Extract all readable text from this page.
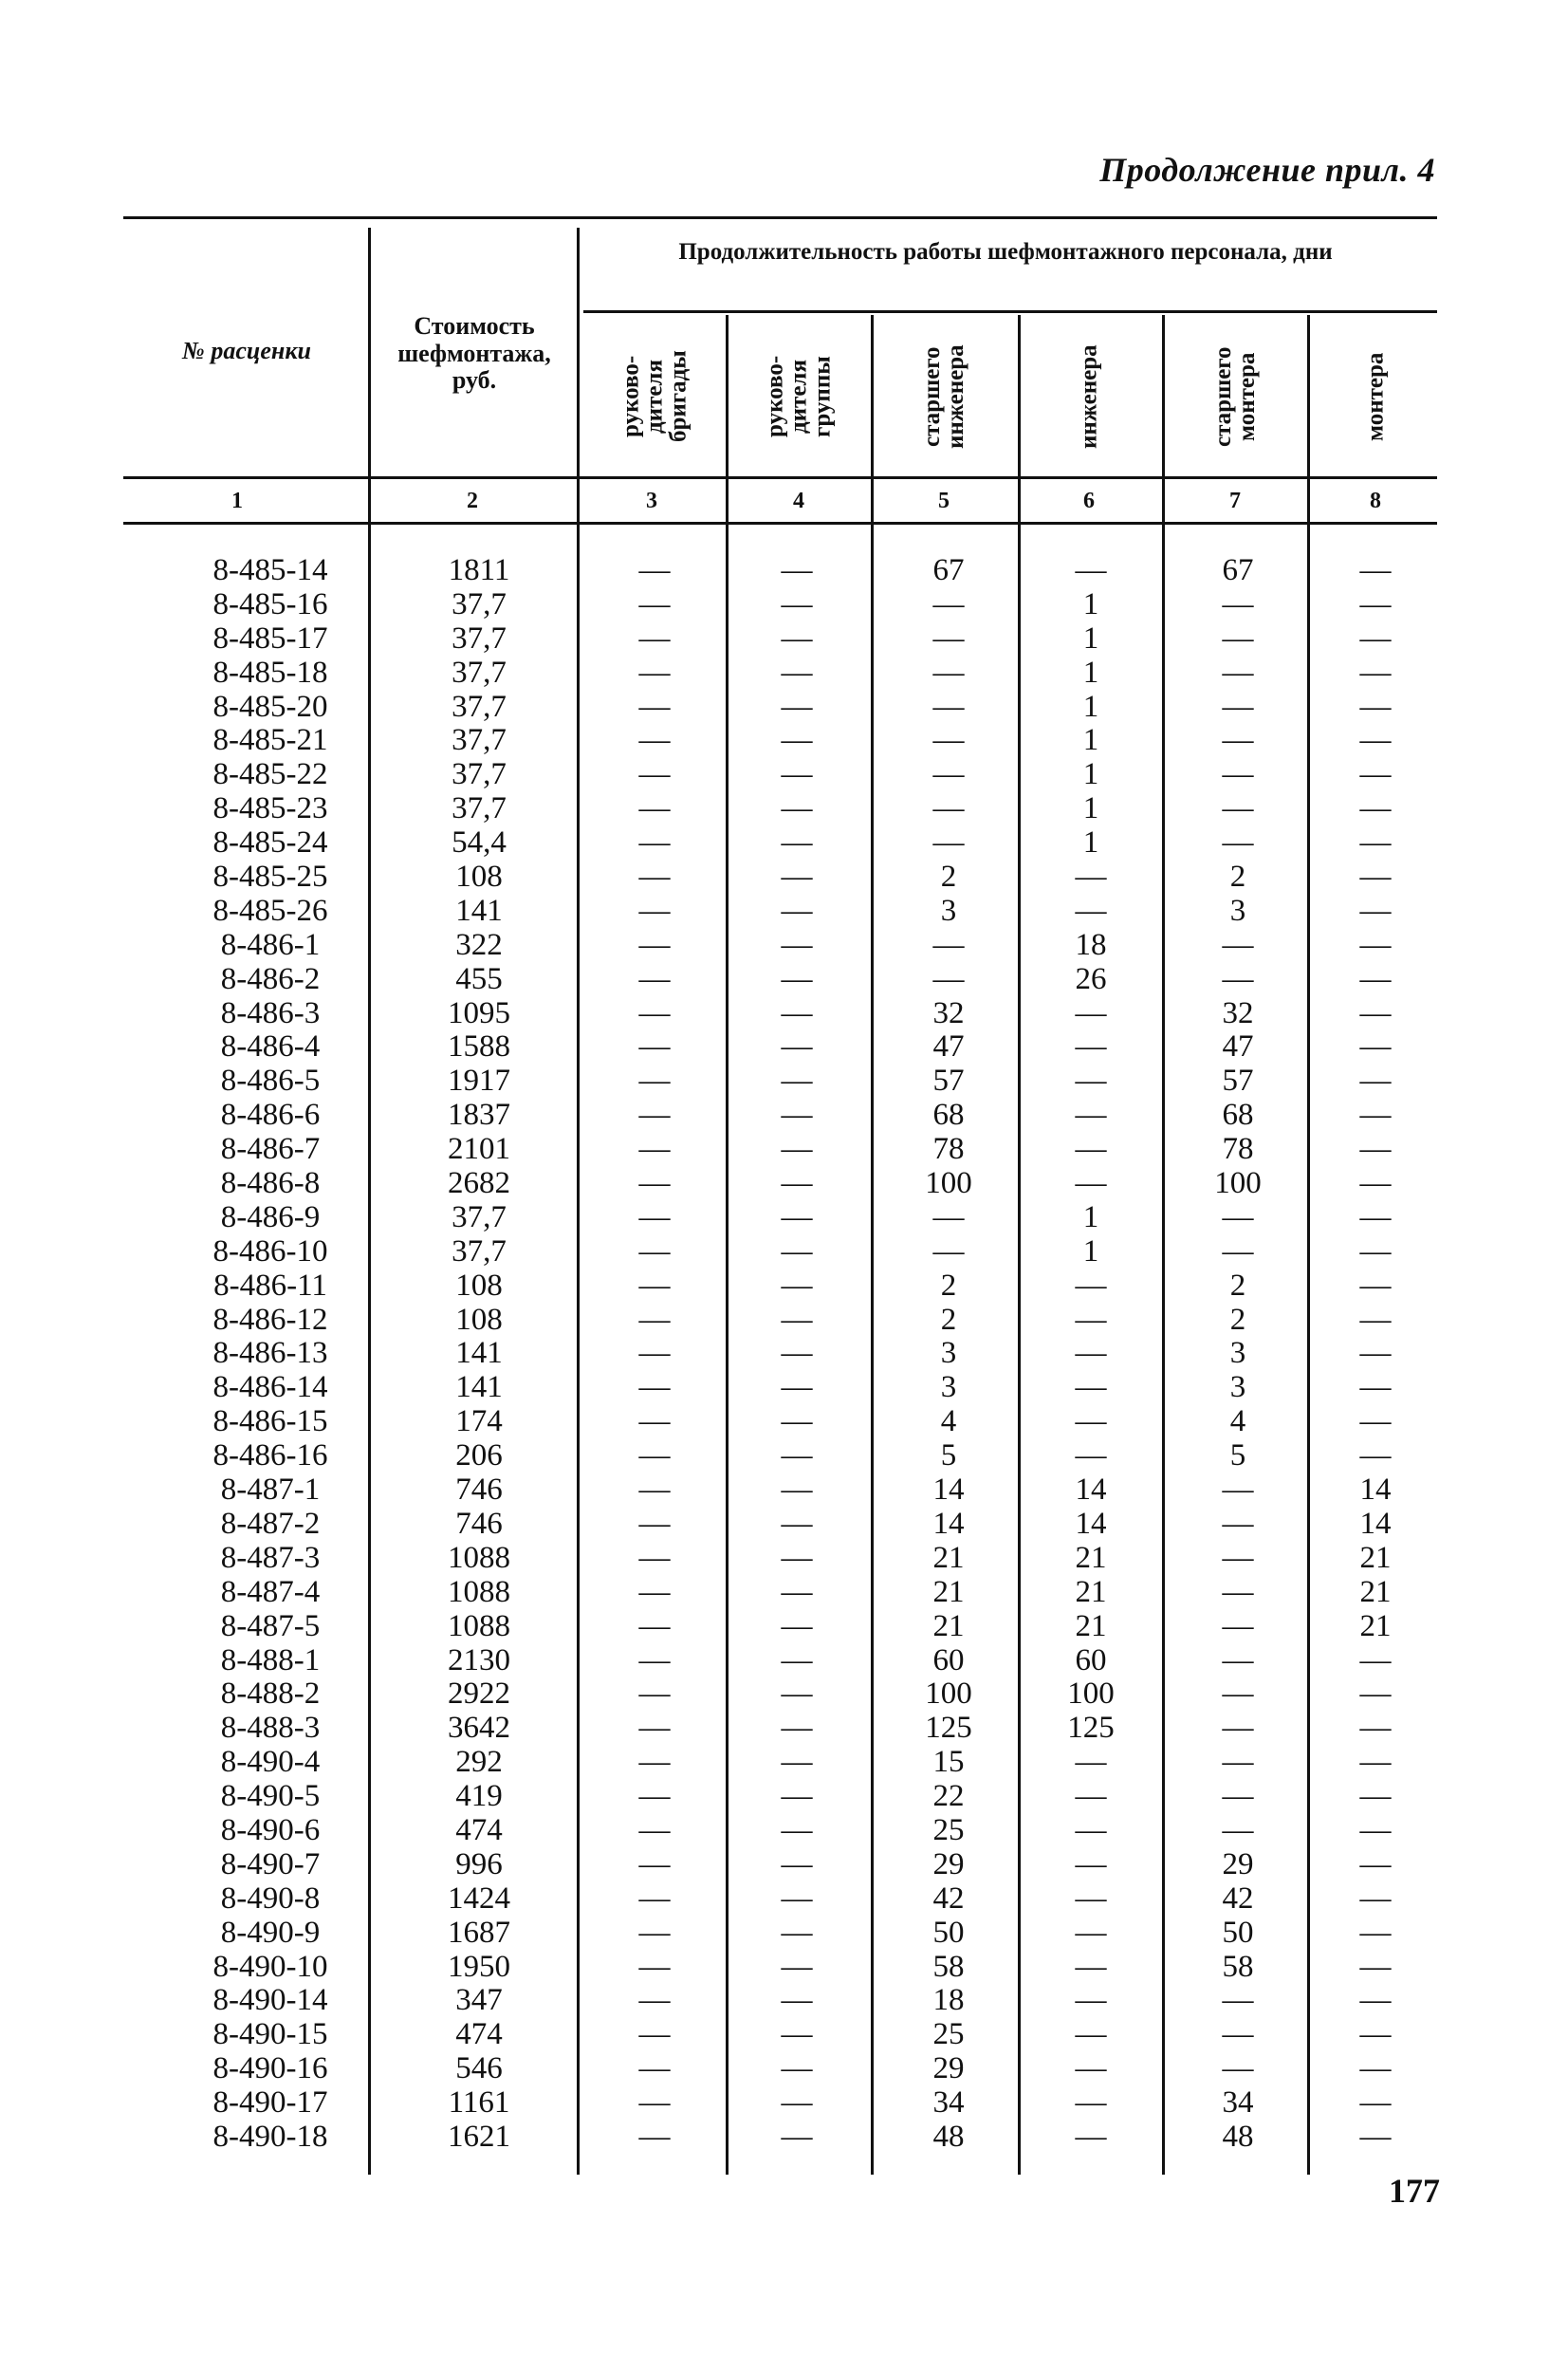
Продолжение прил. 4
№ расценки
Стоимость шефмонтажа, руб.
Продолжительность работы шефмонтажного персонала, дни
руково-дителя бригады	руково-дителя группы	старшего инженера	инженера	старшего монтера	монтера
1	2	3	4	5	6	7	8
8-485-14	1811	—	—	67	—	67	—
8-485-16	37,7	—	—	—	1	—	—
8-485-17	37,7	—	—	—	1	—	—
8-485-18	37,7	—	—	—	1	—	—
8-485-20	37,7	—	—	—	1	—	—
8-485-21	37,7	—	—	—	1	—	—
8-485-22	37,7	—	—	—	1	—	—
8-485-23	37,7	—	—	—	1	—	—
8-485-24	54,4	—	—	—	1	—	—
8-485-25	108	—	—	2	—	2	—
8-485-26	141	—	—	3	—	3	—
8-486-1	322	—	—	—	18	—	—
8-486-2	455	—	—	—	26	—	—
8-486-3	1095	—	—	32	—	32	—
8-486-4	1588	—	—	47	—	47	—
8-486-5	1917	—	—	57	—	57	—
8-486-6	1837	—	—	68	—	68	—
8-486-7	2101	—	—	78	—	78	—
8-486-8	2682	—	—	100	—	100	—
8-486-9	37,7	—	—	—	1	—	—
8-486-10	37,7	—	—	—	1	—	—
8-486-11	108	—	—	2	—	2	—
8-486-12	108	—	—	2	—	2	—
8-486-13	141	—	—	3	—	3	—
8-486-14	141	—	—	3	—	3	—
8-486-15	174	—	—	4	—	4	—
8-486-16	206	—	—	5	—	5	—
8-487-1	746	—	—	14	14	—	14
8-487-2	746	—	—	14	14	—	14
8-487-3	1088	—	—	21	21	—	21
8-487-4	1088	—	—	21	21	—	21
8-487-5	1088	—	—	21	21	—	21
8-488-1	2130	—	—	60	60	—	—
8-488-2	2922	—	—	100	100	—	—
8-488-3	3642	—	—	125	125	—	—
8-490-4	292	—	—	15	—	—	—
8-490-5	419	—	—	22	—	—	—
8-490-6	474	—	—	25	—	—	—
8-490-7	996	—	—	29	—	29	—
8-490-8	1424	—	—	42	—	42	—
8-490-9	1687	—	—	50	—	50	—
8-490-10	1950	—	—	58	—	58	—
8-490-14	347	—	—	18	—	—	—
8-490-15	474	—	—	25	—	—	—
8-490-16	546	—	—	29	—	—	—
8-490-17	1161	—	—	34	—	34	—
8-490-18	1621	—	—	48	—	48	—
177
